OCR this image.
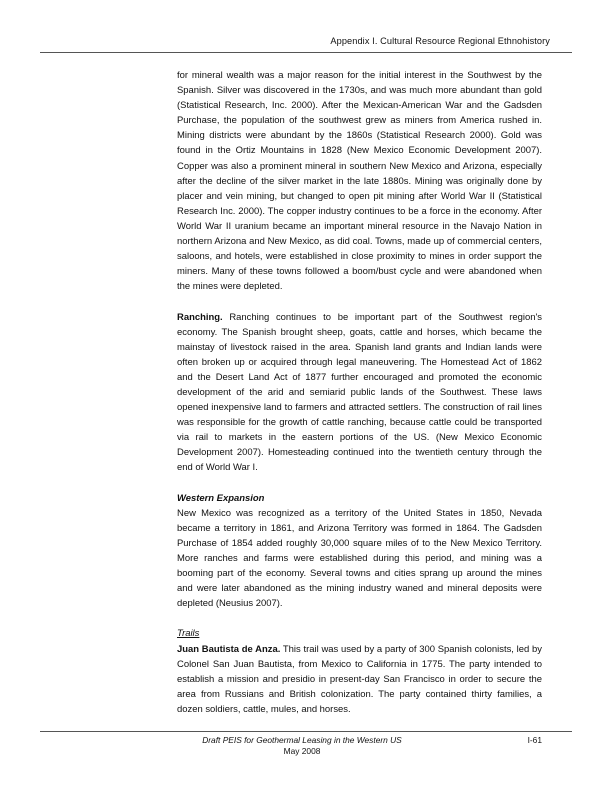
Appendix I. Cultural Resource Regional Ethnohistory

for mineral wealth was a major reason for the initial interest in the Southwest by the Spanish. Silver was discovered in the 1730s, and was much more abundant than gold (Statistical Research, Inc. 2000). After the Mexican-American War and the Gadsden Purchase, the population of the southwest grew as miners from America rushed in. Mining districts were abundant by the 1860s (Statistical Research 2000). Gold was found in the Ortiz Mountains in 1828 (New Mexico Economic Development 2007). Copper was also a prominent mineral in southern New Mexico and Arizona, especially after the decline of the silver market in the late 1880s. Mining was originally done by placer and vein mining, but changed to open pit mining after World War II (Statistical Research Inc. 2000). The copper industry continues to be a force in the economy. After World War II uranium became an important mineral resource in the Navajo Nation in northern Arizona and New Mexico, as did coal. Towns, made up of commercial centers, saloons, and hotels, were established in close proximity to mines in order support the miners. Many of these towns followed a boom/bust cycle and were abandoned when the mines were depleted.

Ranching. Ranching continues to be important part of the Southwest region's economy. The Spanish brought sheep, goats, cattle and horses, which became the mainstay of livestock raised in the area. Spanish land grants and Indian lands were often broken up or acquired through legal maneuvering. The Homestead Act of 1862 and the Desert Land Act of 1877 further encouraged and promoted the economic development of the arid and semiarid public lands of the Southwest. These laws opened inexpensive land to farmers and attracted settlers. The construction of rail lines was responsible for the growth of cattle ranching, because cattle could be transported via rail to markets in the eastern portions of the US. (New Mexico Economic Development 2007). Homesteading continued into the twentieth century through the end of World War I.

Western Expansion

New Mexico was recognized as a territory of the United States in 1850, Nevada became a territory in 1861, and Arizona Territory was formed in 1864. The Gadsden Purchase of 1854 added roughly 30,000 square miles of to the New Mexico Territory. More ranches and farms were established during this period, and mining was a booming part of the economy. Several towns and cities sprang up around the mines and were later abandoned as the mining industry waned and mineral deposits were depleted (Neusius 2007).

Trails

Juan Bautista de Anza. This trail was used by a party of 300 Spanish colonists, led by Colonel San Juan Bautista, from Mexico to California in 1775. The party intended to establish a mission and presidio in present-day San Francisco in order to secure the area from Russians and British colonization. The party contained thirty families, a dozen soldiers, cattle, mules, and horses.

Draft PEIS for Geothermal Leasing in the Western US
May 2008
I-61
